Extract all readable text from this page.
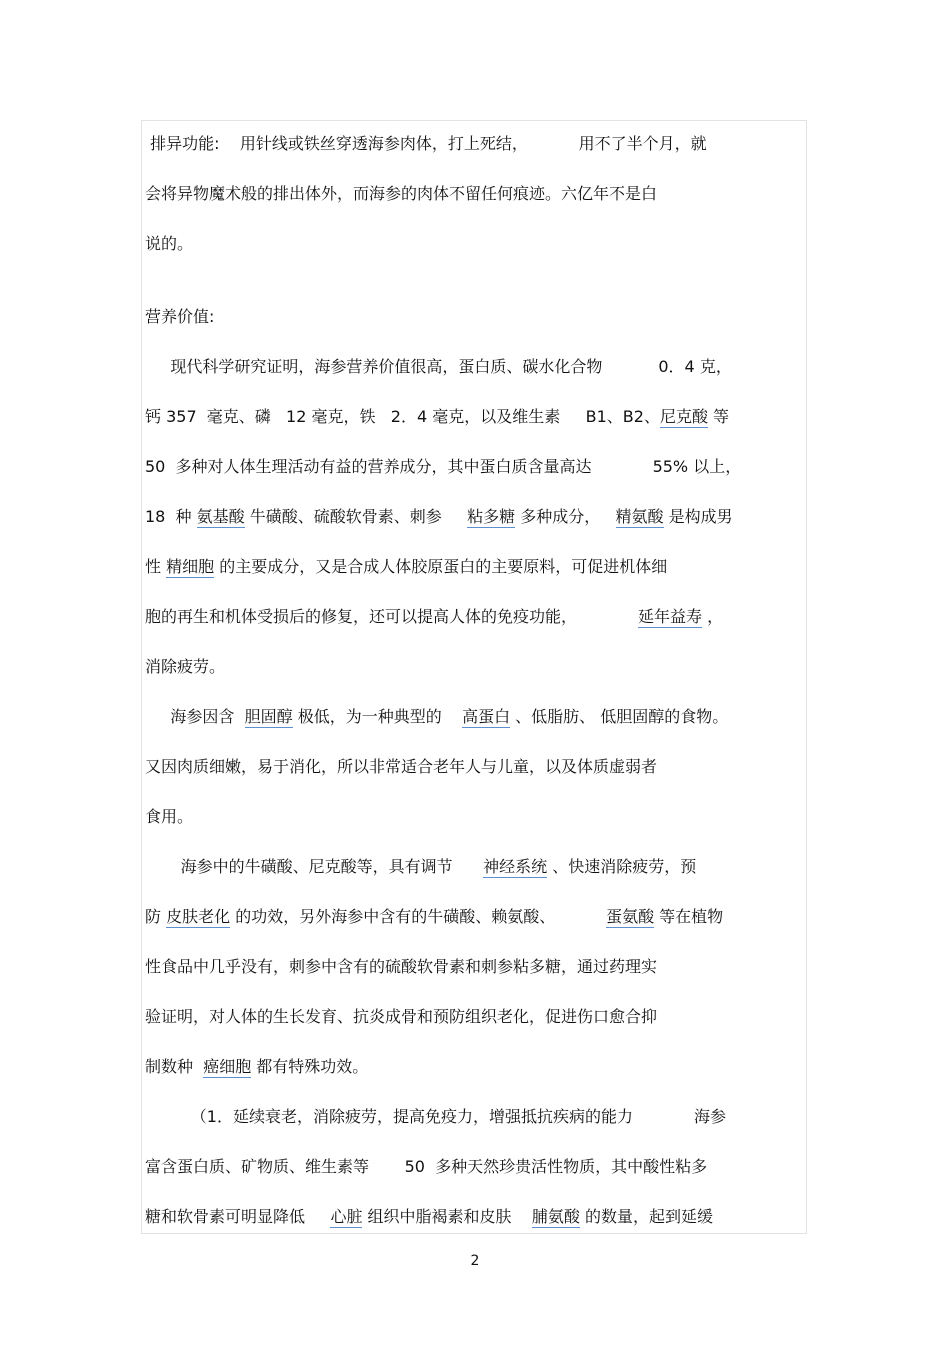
排异功能:    用针线或铁丝穿透海参肉体，打上死结，          用不了半个月，就
会将异物魔术般的排出体外，而海参的肉体不留任何痕迹。六亿年不是白
说的。
营养价值:
现代科学研究证明，海参营养价值很高，蛋白质、碳水化合物           0．4 克，
钙 357  毫克、磷   12 毫克，铁   2．4 毫克，以及维生素     B1、B2、尼克酸 等
50  多种对人体生理活动有益的营养成分，其中蛋白质含量高达            55% 以上，
18  种 氨基酸 牛磺酸、硫酸软骨素、刺参     粘多糖 多种成分，   精氨酸 是构成男
性 精细胞 的主要成分，又是合成人体胶原蛋白的主要原料，可促进机体细
胞的再生和机体受损后的修复，还可以提高人体的免疫功能，            延年益寿 ，
消除疲劳。
海参因含  胆固醇 极低，为一种典型的    高蛋白 、低脂肪、 低胆固醇的食物。
又因肉质细嫩，易于消化，所以非常适合老年人与儿童，以及体质虚弱者
食用。
海参中的牛磺酸、尼克酸等，具有调节      神经系统 、快速消除疲劳，预
防 皮肤老化 的功效，另外海参中含有的牛磺酸、赖氨酸、          蛋氨酸 等在植物
性食品中几乎没有，刺参中含有的硫酸软骨素和刺参粘多糖，通过药理实
验证明，对人体的生长发育、抗炎成骨和预防组织老化，促进伤口愈合抑
制数种  癌细胞 都有特殊功效。
（1．延续衰老，消除疲劳，提高免疫力，增强抵抗疾病的能力            海参
富含蛋白质、矿物质、维生素等       50  多种天然珍贵活性物质，其中酸性粘多
糖和软骨素可明显降低     心脏 组织中脂褐素和皮肤    脯氨酸 的数量，起到延缓
2
